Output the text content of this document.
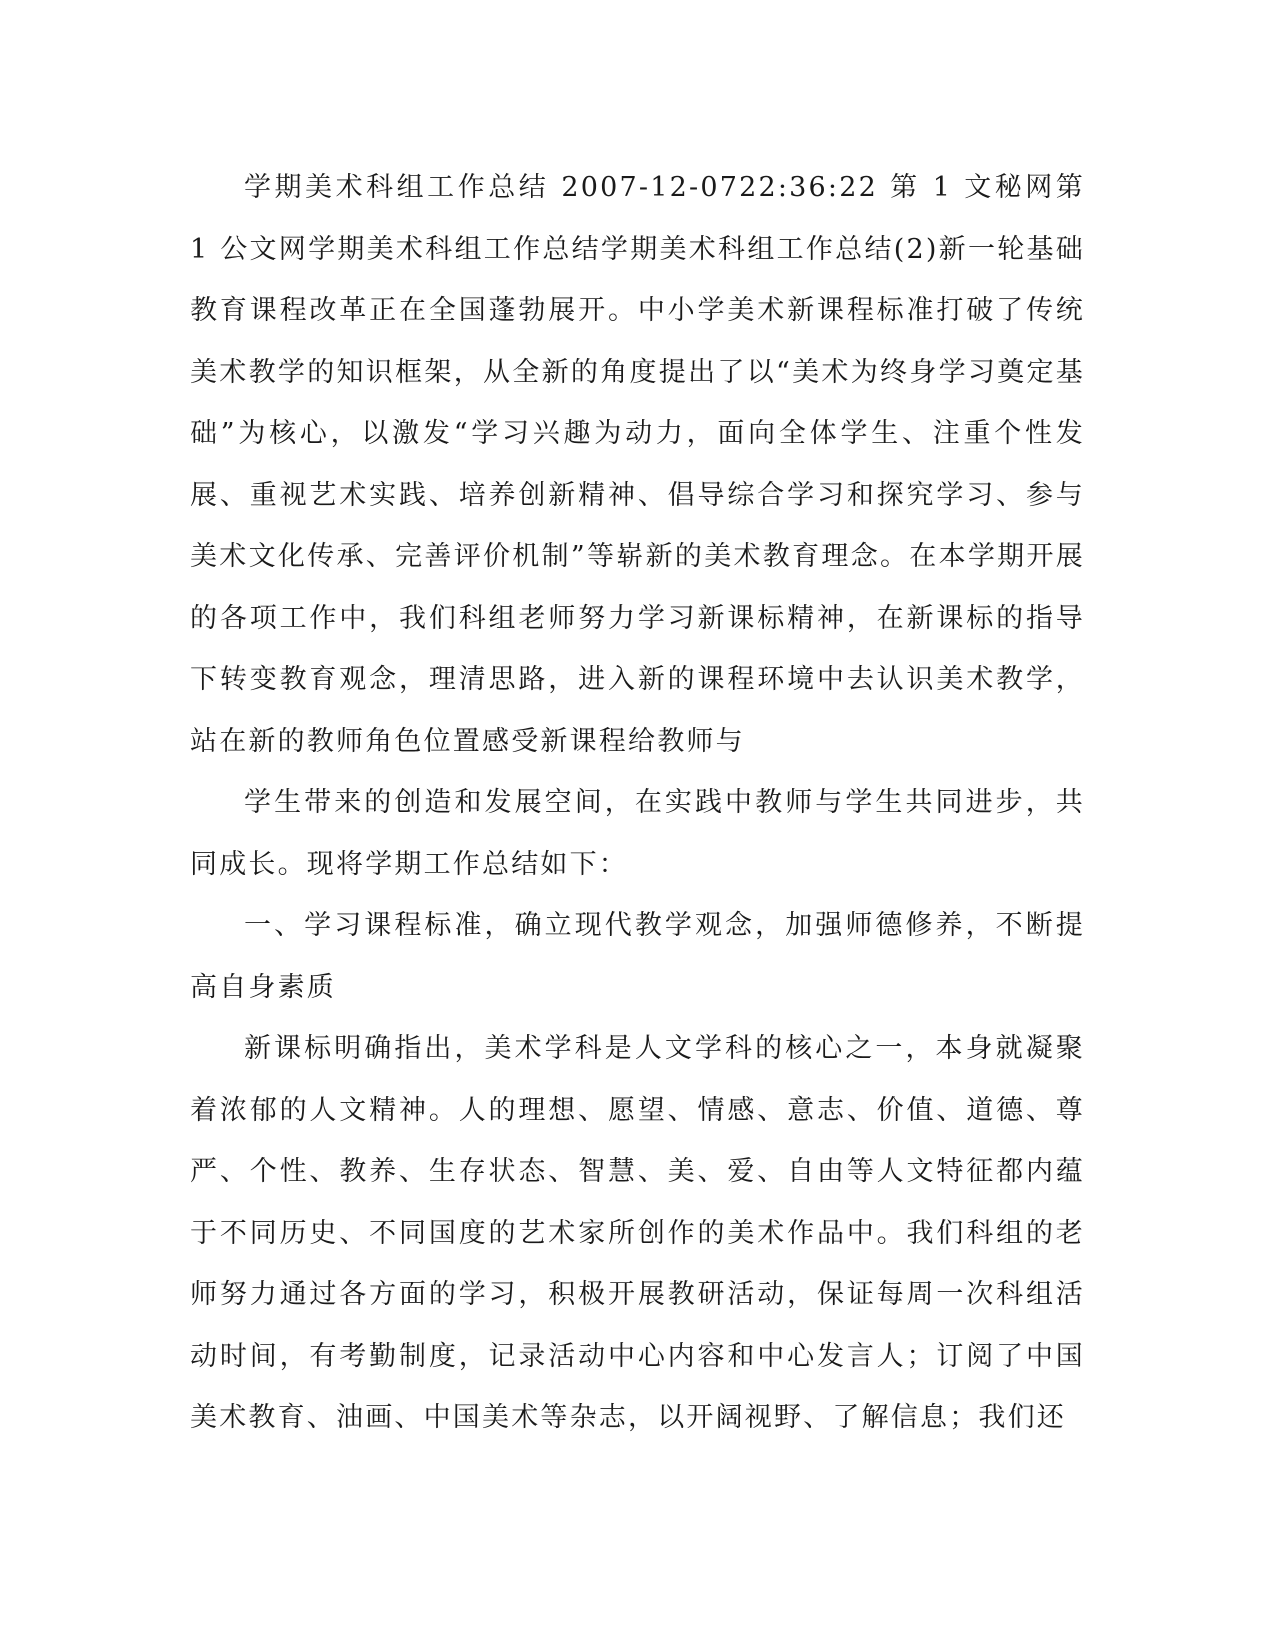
学期美术科组工作总结 2007-12-0722:36:22 第 1 文秘网第 1 公文网学期美术科组工作总结学期美术科组工作总结(2)新一轮基础教育课程改革正在全国蓬勃展开。中小学美术新课程标准打破了传统美术教学的知识框架，从全新的角度提出了以“美术为终身学习奠定基础”为核心，以激发“学习兴趣为动力，面向全体学生、注重个性发展、重视艺术实践、培养创新精神、倡导综合学习和探究学习、参与美术文化传承、完善评价机制”等崭新的美术教育理念。在本学期开展的各项工作中，我们科组老师努力学习新课标精神，在新课标的指导下转变教育观念，理清思路，进入新的课程环境中去认识美术教学，站在新的教师角色位置感受新课程给教师与

学生带来的创造和发展空间，在实践中教师与学生共同进步，共同成长。现将学期工作总结如下：

一、学习课程标准，确立现代教学观念，加强师德修养，不断提高自身素质

新课标明确指出，美术学科是人文学科的核心之一，本身就凝聚着浓郁的人文精神。人的理想、愿望、情感、意志、价值、道德、尊严、个性、教养、生存状态、智慧、美、爱、自由等人文特征都内蕴于不同历史、不同国度的艺术家所创作的美术作品中。我们科组的老师努力通过各方面的学习，积极开展教研活动，保证每周一次科组活动时间，有考勤制度，记录活动中心内容和中心发言人；订阅了中国美术教育、油画、中国美术等杂志，以开阔视野、了解信息；我们还
